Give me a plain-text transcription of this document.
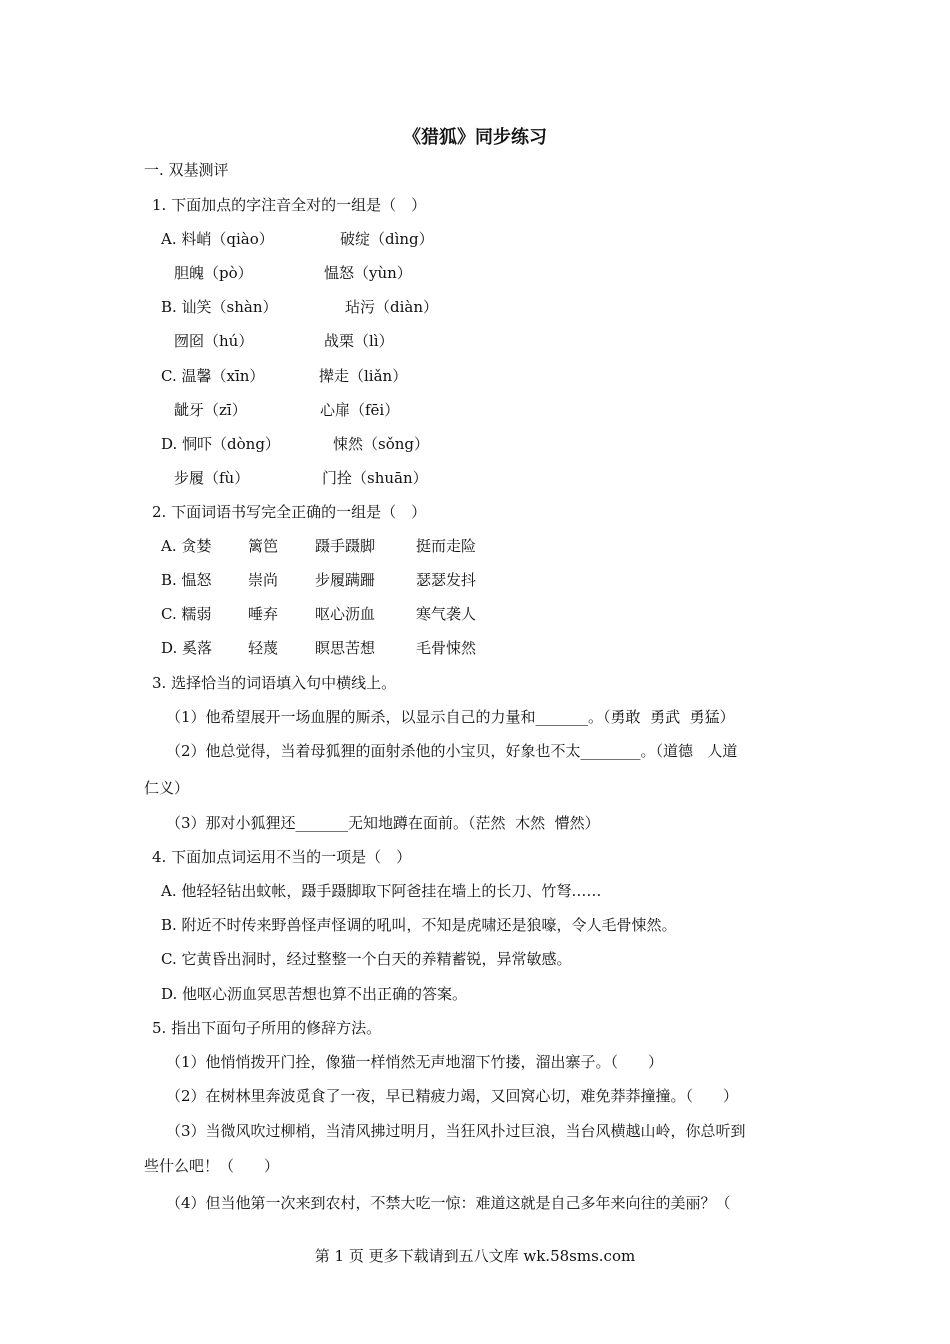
《猎狐》同步练习
一. 双基测评
1. 下面加点的字注音全对的一组是（　）
A. 料峭（qiào）	破绽（dìng）
胆魄（pò）	愠怒（yùn）
B. 讪笑（shàn）	玷污（diàn）
囫囵（hú）	战栗（lì）
C. 温馨（xīn）	撵走（liǎn）
龇牙（zī）	心扉（fēi）
D. 恫吓（dòng）	悚然（sǒng）
步履（fù）	门拴（shuān）
2. 下面词语书写完全正确的一组是（　）
A. 贪婪 篱笆 蹑手蹑脚	挺而走险
B. 愠怒 崇尚 步履蹒跚	瑟瑟发抖
C. 糯弱 唾弃 呕心沥血	寒气袭人
D. 奚落 轻蔑 瞑思苦想	毛骨悚然
3. 选择恰当的词语填入句中横线上。
（1）他希望展开一场血腥的厮杀，以显示自己的力量和_______。（勇敢  勇武  勇猛）
（2）他总觉得，当着母狐狸的面射杀他的小宝贝，好象也不太________。（道德   人道
仁义）
（3）那对小狐狸还_______无知地蹲在面前。（茫然  木然  懵然）
4. 下面加点词运用不当的一项是（　）
A. 他轻轻钻出蚊帐，蹑手蹑脚取下阿爸挂在墙上的长刀、竹弩……
B. 附近不时传来野兽怪声怪调的吼叫，不知是虎啸还是狼嚎，令人毛骨悚然。
C. 它黄昏出洞时，经过整整一个白天的养精蓄锐，异常敏感。
D. 他呕心沥血冥思苦想也算不出正确的答案。
5. 指出下面句子所用的修辞方法。
（1）他悄悄拨开门拴，像猫一样悄然无声地溜下竹搂，溜出寨子。（　　）
（2）在树林里奔波觅食了一夜，早已精疲力竭，又回窝心切，难免莽莽撞撞。（　　）
（3）当微风吹过柳梢，当清风拂过明月，当狂风扑过巨浪，当台风横越山岭，你总听到
些什么吧！（　　）
（4）但当他第一次来到农村，不禁大吃一惊：难道这就是自己多年来向往的美丽？（
第 1 页 更多下载请到五八文库 wk.58sms.com
